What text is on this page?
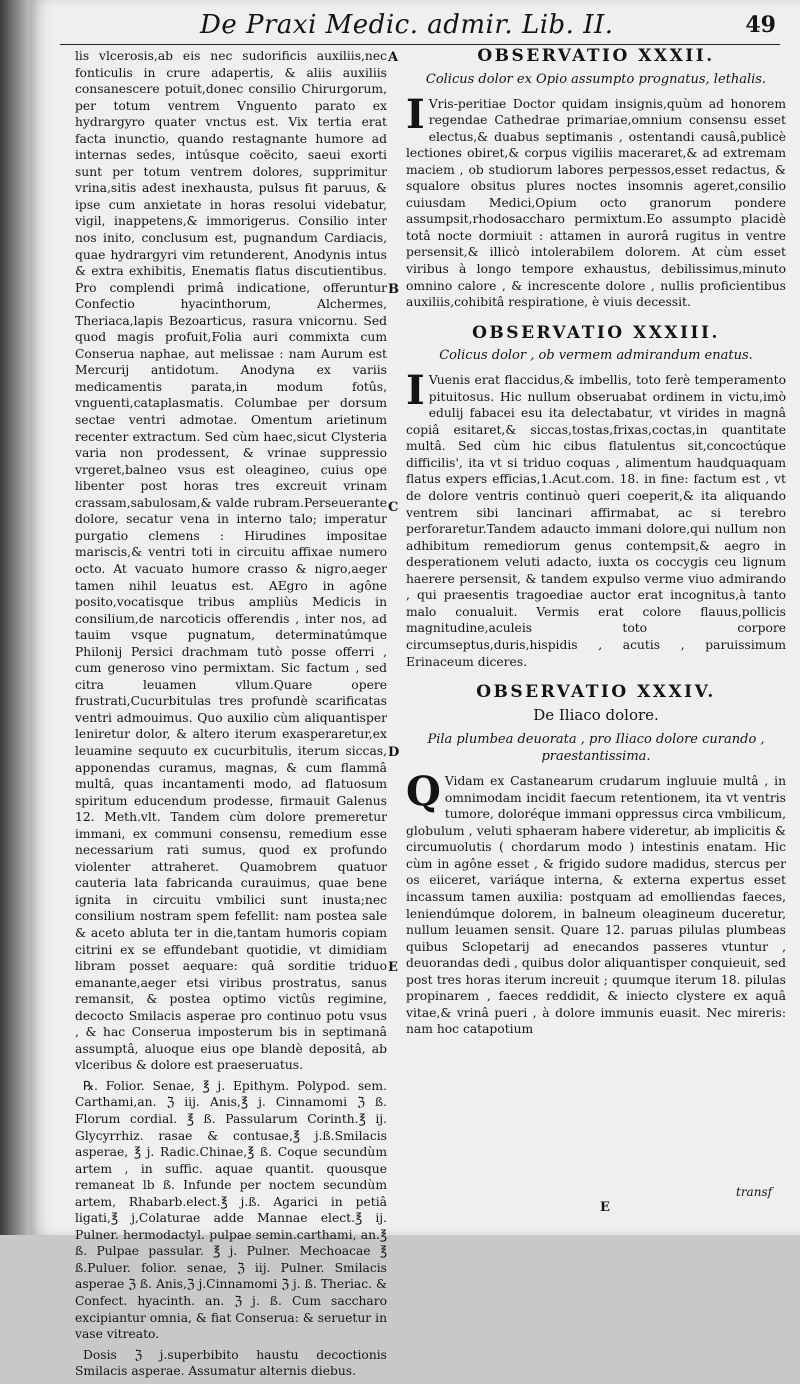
De Praxi Medic. admir. Lib. II.	49

lis vlcerosis,ab eis nec sudorificis auxiliis,nec fonticulis in crure adapertis, & aliis auxiliis consanescere potuit,donec consilio Chirurgorum, per totum ventrem Vnguento parato ex hydrargyro quater vnctus est. Vix tertia erat facta inunctio, quando restagnante humore ad internas sedes, intúsque coëcito, saeui exorti sunt per totum ventrem dolores, supprimitur vrina,sitis adest inexhausta, pulsus fit paruus, & ipse cum anxietate in horas resolui videbatur, vigil, inappetens,& immorigerus. Consilio inter nos inito, conclusum est, pugnandum Cardiacis, quae hydrargyri vim retunderent, Anodynis intus & extra exhibitis, Enematis flatus discutientibus. Pro complendi primâ indicatione, offeruntur Confectio hyacinthorum, Alchermes, Theriaca,lapis Bezoarticus, rasura vnicornu. Sed quod magis profuit,Folia auri commixta cum Conserua naphae, aut melissae : nam Aurum est Mercurij antidotum. Anodyna ex variis medicamentis parata,in modum fotûs, vnguenti,cataplasmatis. Columbae per dorsum sectae ventri admotae. Omentum arietinum recenter extractum. Sed cùm haec,sicut Clysteria varia non prodessent, & vrinae suppressio vrgeret,balneo vsus est oleagineo, cuius ope libenter post horas tres excreuit vrinam crassam,sabulosam,& valde rubram.Perseuerante dolore, secatur vena in interno talo; imperatur purgatio clemens : Hirudines impositae mariscis,& ventri toti in circuitu affixae numero octo. At vacuato humore crasso & nigro,aeger tamen nihil leuatus est. AEgro in agône posito,vocatisque tribus ampliùs Medicis in consilium,de narcoticis offerendis , inter nos, ad tauim vsque pugnatum, determinatúmque Philonij Persici drachmam tutò posse offerri , cum generoso vino permixtam. Sic factum , sed citra leuamen vllum.Quare opere frustrati,Cucurbitulas tres profundè scarificatas ventri admouimus. Quo auxilio cùm aliquantisper leniretur dolor, & altero iterum exasperaretur,ex leuamine sequuto ex cucurbitulis, iterum siccas, apponendas curamus, magnas, & cum flammâ multâ, quas incantamenti modo, ad flatuosum spiritum educendum prodesse, firmauit Galenus 12. Meth.vlt. Tandem cùm dolore premeretur immani, ex communi consensu, remedium esse necessarium rati sumus, quod ex profundo violenter attraheret. Quamobrem quatuor cauteria lata fabricanda curauimus, quae bene ignita in circuitu vmbilici sunt inusta;nec consilium nostram spem fefellit: nam postea sale & aceto abluta ter in die,tantam humoris copiam citrini ex se effundebant quotidie, vt dimidiam libram posset aequare: quâ sorditie triduo emanante,aeger etsi viribus prostratus, sanus remansit, & postea optimo victûs regimine, decocto Smilacis asperae pro continuo potu vsus , & hac Conserua imposterum bis in septimanâ assumptâ, aluoque eius ope blandè depositâ, ab vlceribus & dolore est praeseruatus.

℞. Folior. Senae, ℥ j. Epithym. Polypod. sem. Carthami,an. ℨ iij. Anis,℥ j. Cinnamomi ℨ ß. Florum cordial. ℥ ß. Passularum Corinth.℥ ij. Glycyrrhiz. rasae & contusae,℥ j.ß.Smilacis asperae, ℥ j. Radic.Chinae,℥ ß. Coque secundùm artem , in suffic. aquae quantit. quousque remaneat lb ß. Infunde per noctem secundùm artem, Rhabarb.elect.℥ j.ß. Agarici in petiâ ligati,℥ j,Colaturae adde Mannae elect.℥ ij. Pulner. hermodactyl. pulpae semin.carthami, an.℥ ß. Pulpae passular. ℥ j. Pulner. Mechoacae ℥ ß.Puluer. folior. senae, ℨ iij. Pulner. Smilacis asperae ℨ ß. Anis,ℨ j.Cinnamomi ℨ j. ß. Theriac. & Confect. hyacinth. an. ℨ j. ß. Cum saccharo excipiantur omnia, & fiat Conserua: & seruetur in vase vitreato.

Dosis ℨ j.superbibito haustu decoctionis Smilacis asperae. Assumatur alternis diebus.

A
B
C
D
E
OBSERVATIO XXXII.
Colicus dolor ex Opio assumpto prognatus, lethalis.

I Vris-peritiae Doctor quidam insignis,quùm ad honorem regendae Cathedrae primariae,omnium consensu esset electus,& duabus septimanis , ostentandi causâ,publicè lectiones obiret,& corpus vigiliis maceraret,& ad extremam maciem , ob studiorum labores perpessos,esset redactus, & squalore obsitus plures noctes insomnis ageret,consilio cuiusdam Medici,Opium octo granorum pondere assumpsit,rhodosaccharo permixtum.Eo assumpto placidè totâ nocte dormiuit : attamen in aurorâ rugitus in ventre persensit,& illicò intolerabilem dolorem. At cùm esset viribus à longo tempore exhaustus, debilissimus,minuto omnino calore , & increscente dolore , nullis proficientibus auxiliis,cohibitâ respiratione, è viuis decessit.

OBSERVATIO XXXIII.
Colicus dolor , ob vermem admirandum enatus.

I Vuenis erat flaccidus,& imbellis, toto ferè temperamento pituitosus. Hic nullum obseruabat ordinem in victu,imò edulij fabacei esu ita delectabatur, vt virides in magnâ copiâ esitaret,& siccas,tostas,frixas,coctas,in quantitate multâ. Sed cùm hic cibus flatulentus sit,concoctúque difficilis', ita vt si triduo coquas , alimentum haudquaquam flatus expers efficias,1.Acut.com. 18. in fine: factum est , vt de dolore ventris continuò queri coeperit,& ita aliquando ventrem sibi lancinari affirmabat, ac si terebro perforaretur.Tandem adaucto immani dolore,qui nullum non adhibitum remediorum genus contempsit,& aegro in desperationem veluti adacto, iuxta os coccygis ceu lignum haerere persensit, & tandem expulso verme viuo admirando , qui praesentis tragoediae auctor erat incognitus,à tanto malo conualuit. Vermis erat colore flauus,pollicis magnitudine,aculeis toto corpore circumseptus,duris,hispidis , acutis , paruissimum Erinaceum diceres.

OBSERVATIO XXXIV.
De Iliaco dolore.
Pila plumbea deuorata , pro Iliaco dolore curando , praestantissima.

Q Vidam ex Castanearum crudarum ingluuie multâ , in omnimodam incidit faecum retentionem, ita vt ventris tumore, doloréque immani oppressus circa vmbilicum, globulum , veluti sphaeram habere videretur, ab implicitis & circumuolutis ( chordarum modo ) intestinis enatam. Hic cùm in agône esset , & frigido sudore madidus, stercus per os eiiceret, variáque interna, & externa expertus esset incassum tamen auxilia: postquam ad emolliendas faeces, leniendúmque dolorem, in balneum oleagineum duceretur, nullum leuamen sensit. Quare 12. paruas pilulas plumbeas quibus Sclopetarij ad enecandos passeres vtuntur , deuorandas dedi , quibus dolor aliquantisper conquieuit, sed post tres horas iterum increuit ; quumque iterum 18. pilulas propinarem , faeces reddidit, & iniecto clystere ex aquâ vitae,& vrinâ pueri , à dolore immunis euasit. Nec mireris: nam hoc catapotium

transf
E
